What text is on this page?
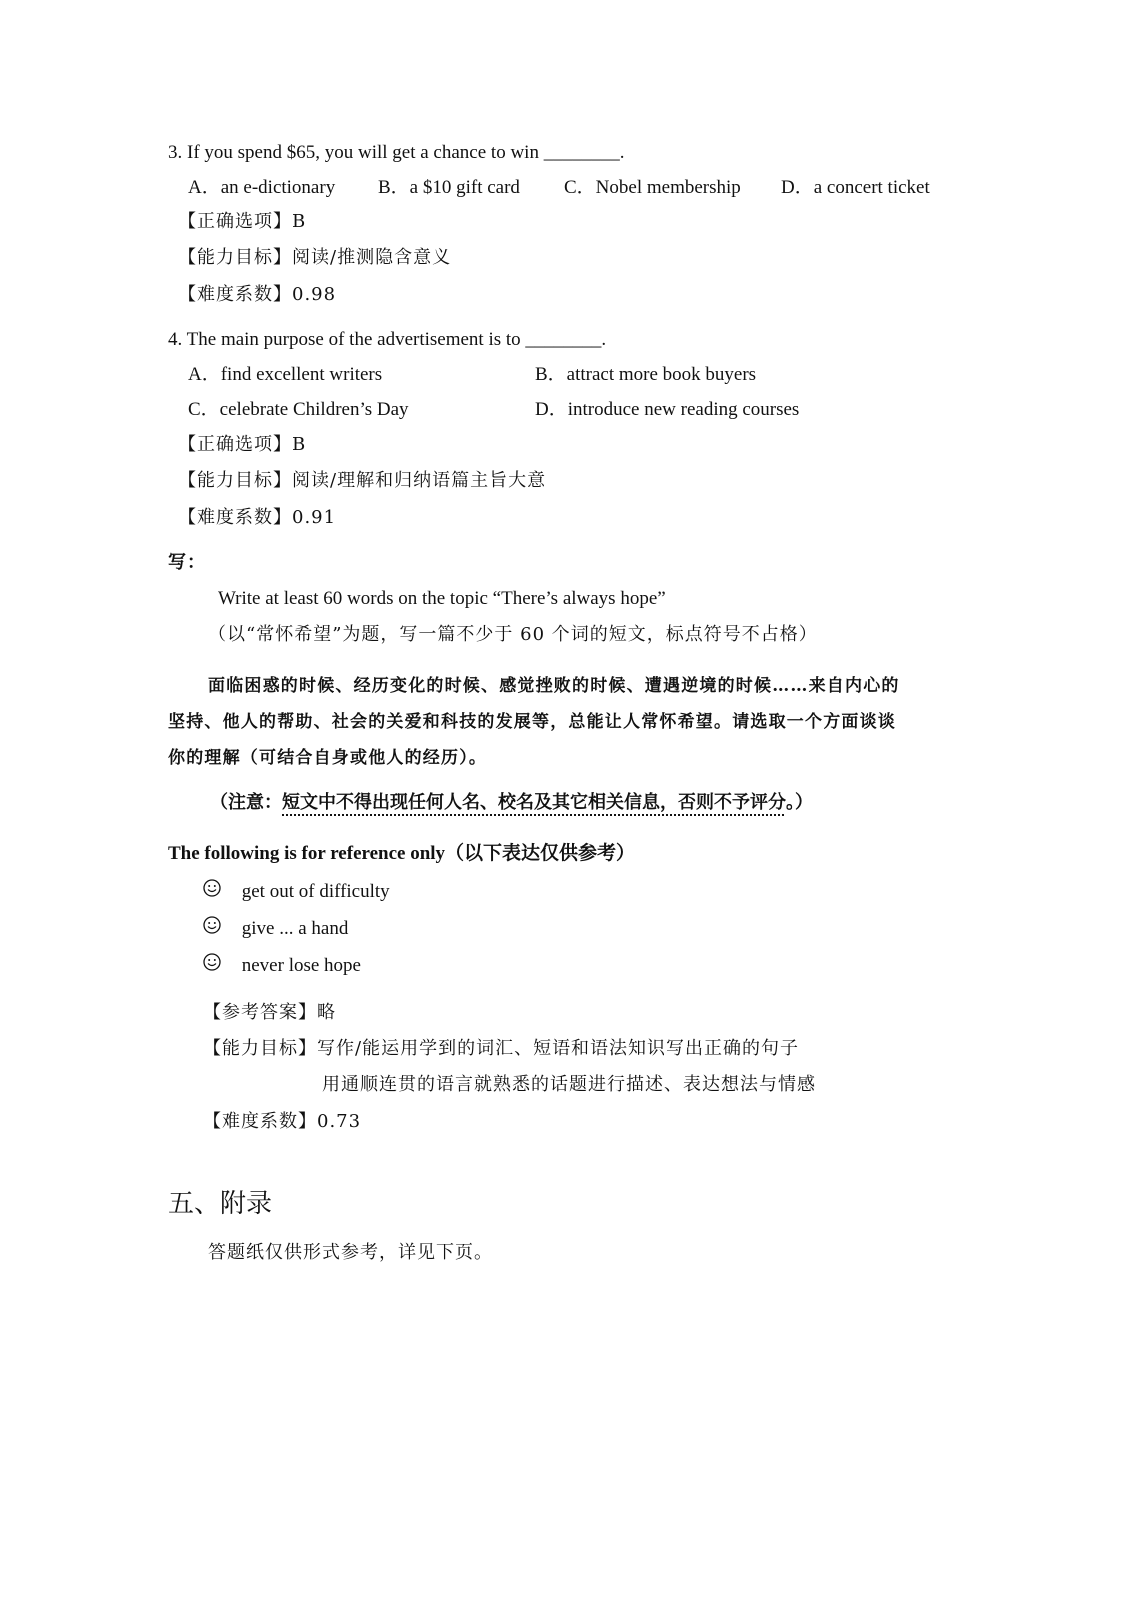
3. If you spend $65, you will get a chance to win ________.
A．an e-dictionary B．a $10 gift card C．Nobel membership D．a concert ticket
【正确选项】B
【能力目标】阅读/推测隐含意义
【难度系数】0.98
4. The main purpose of the advertisement is to ________.
A．find excellent writers	B．attract more book buyers
C．celebrate Children’s Day	D．introduce new reading courses
【正确选项】B
【能力目标】阅读/理解和归纳语篇主旨大意
【难度系数】0.91
写：
Write at least 60 words on the topic “There’s always hope”
（以“常怀希望”为题，写一篇不少于 60 个词的短文，标点符号不占格）
面临困惑的时候、经历变化的时候、感觉挫败的时候、遭遇逆境的时候……来自内心的
坚持、他人的帮助、社会的关爱和科技的发展等，总能让人常怀希望。请选取一个方面谈谈
你的理解（可结合自身或他人的经历）。
（注意：短文中不得出现任何人名、校名及其它相关信息，否则不予评分。）
The following is for reference only（以下表达仅供参考）
get out of difficulty
give ... a hand
never lose hope
【参考答案】略
【能力目标】写作/能运用学到的词汇、短语和语法知识写出正确的句子
用通顺连贯的语言就熟悉的话题进行描述、表达想法与情感
【难度系数】0.73
五、附录
答题纸仅供形式参考，详见下页。
